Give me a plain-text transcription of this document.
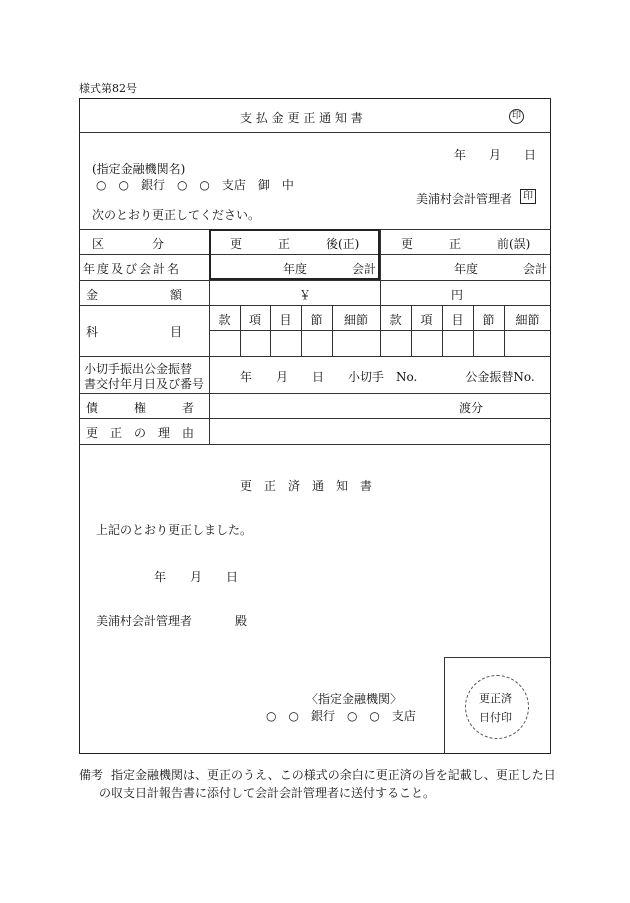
様式第82号
支 払 金 更 正 通 知 書	印
年 月 日
(指定金融機関名)
○　○　銀行　○　○　支店　御　中
美浦村会計管理者	印
次のとおり更正してください。
区　　　　分	更　　　正　　　後(正)	更　　　正　　　前(誤)
年度及び会計名	年度	会計	年度	会計
金　　　　　　額	￥	円
科　　　　　　目
款	項	目	節	細節	款	項	目	節	細節
小切手振出公金振替
書交付年月日及び番号	年　　月　　日　　小切手　No.　　　　公金振替No.
債　　　権　　　者	渡分
更　正　の　理　由
更　正　済　通　知　書
上記のとおり更正しました。
年　　月　　日
美浦村会計管理者	殿
〈指定金融機関〉
○　○　銀行　○　○　支店
更正済
日付印
備考 指定金融機関は、更正のうえ、この様式の余白に更正済の旨を記載し、更正した日
の収支日計報告書に添付して会計会計管理者に送付すること。
